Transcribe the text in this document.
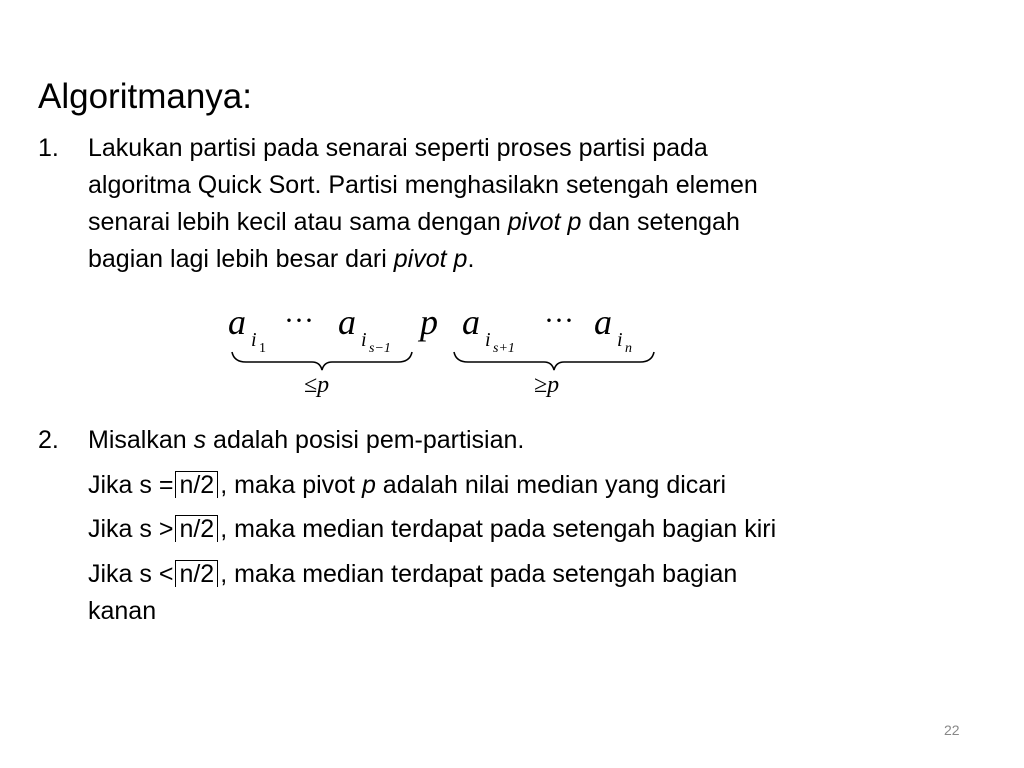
Algoritmanya:
1. Lakukan partisi pada senarai seperti proses partisi pada
algoritma Quick Sort. Partisi menghasilakn setengah elemen
senarai lebih kecil atau sama dengan pivot p dan setengah
bagian lagi lebih besar dari pivot p.
a i 1
··· a i s−1
p a i s+1
··· a i n
≤p	≥p
2. Misalkan s adalah posisi pem-partisian.
Jika s = n/2 , maka pivot p adalah nilai median yang dicari
Jika s > n/2 , maka median terdapat pada setengah bagian kiri
Jika s < n/2 , maka median terdapat pada setengah bagian
kanan
22
